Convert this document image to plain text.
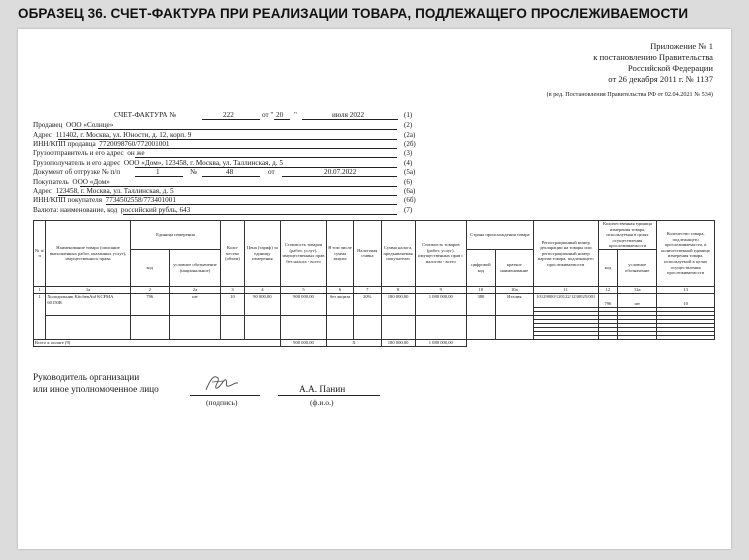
ОБРАЗЕЦ 36. СЧЕТ-ФАКТУРА ПРИ РЕАЛИЗАЦИИ ТОВАРА, ПОДЛЕЖАЩЕГО ПРОСЛЕЖИВАЕМОСТИ
Приложение № 1
к постановлению Правительства
Российской Федерации
от 26 декабря 2011 г. № 1137
(в ред. Постановления Правительства РФ от 02.04.2021 № 534)
СЧЕТ-ФАКТУРА №	222	от " 20 "	июля 2022	(1)
Продавец ООО «Солнце»	(2)
Адрес 111402, г. Москва, ул. Юности, д. 12, корп. 9	(2а)
ИНН/КПП продавца 7720098760/772001001	(2б)
Грузоотправитель и его адрес он же	(3)
Грузополучатель и его адрес ООО «Дом», 123458, г. Москва, ул. Таллинская, д. 5	(4)
Документ об отгрузке № п/п	1	№	48	от	20.07.2022	(5а)
Покупатель ООО «Дом»	(6)
Адрес 123458, г. Москва, ул. Таллинская, д. 5	(6а)
ИНН/КПП покупателя 7734502558/773401001	(6б)
Валюта: наименование, код российский рубль, 643	(7)
№ п/п	Наименование товара (описание выполненных работ, оказанных услуг), имущественного права	Единица измерения		Коли-чество (объем)	Цена (тариф) за единицу измерения	Стоимость товаров (работ, услуг), имущественных прав без налога - всего	В том числе сумма акциза	Налоговая ставка	Сумма налога, предъявляемая покупателю	Стоимость товаров (работ, услуг), имущественных прав с налогом - всего	Страна происхождения товара		Регистрационный номер декларации на товары или регистрационный номер партии товара, подлежащего прослеживаемости	Количественная единица измерения товара, используемая в целях осуществления прослеживаемости		Количество товара, подлежащего прослеживаемости, в количественной единице измерения товара, используемой в целях осуществления прослеживаемости
		код	условное обозначение (национальное)								цифровой код	краткое наименование		код	условное обозначение	
1	1а	2	2а	3	4	5	6	7	8	9	10	10а	11	12	12а	13
1	Холодильник KitchenAid KCFMA 60150R	796	шт	10	90 000,00	900 000,00	без акциза	20%	180 000,00	1 080 000,00	380	Италия	10129000/120122/1230025/001	796	шт	10

Всего к оплате (9)						900 000,00	X		180 000,00	1 080 000,00						
Руководитель организации
или иное уполномоченное лицо	А.А. Панин
(подпись)	(ф.и.о.)
